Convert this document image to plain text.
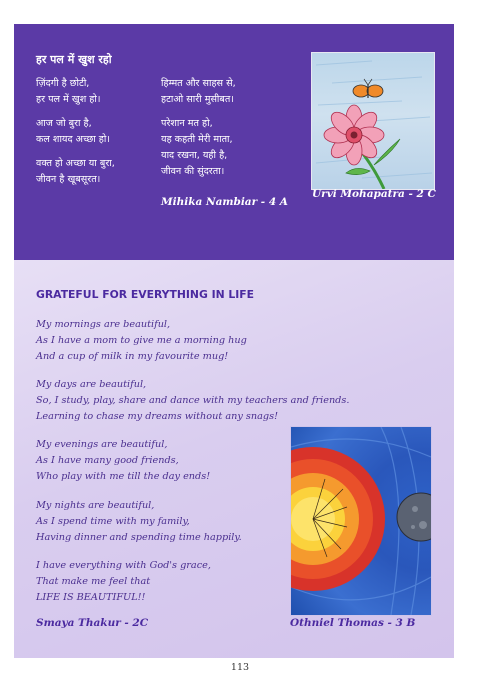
हर पल में खुश रहो

ज़िंदगी है छोटी,
हर पल में खुश हो।

आज जो बुरा है,
कल शायद अच्छा हो।

वक्त हो अच्छा या बुरा,
जीवन है खूबसूरत।

हिम्मत और साहस से,
हटाओ सारी मुसीबत।

परेशान मत हो,
यह कहती मेरी माता,
याद रखना, यही है,
जीवन की सुंदरता।

Mihika Nambiar - 4 A
Urvi Mohapatra - 2 C
GRATEFUL FOR EVERYTHING IN LIFE
My mornings are beautiful,
As I have a mom to give me a morning hug
And a cup of milk in my favourite mug!
My days are beautiful,
So, I study, play, share and dance with my teachers and friends.
Learning to chase my dreams without any snags!
My evenings are beautiful,
As I have many good friends,
Who play with me till the day ends!
My nights are beautiful,
As I spend time with my family,
Having dinner and spending time happily.
I have everything with God's grace,
That make me feel that
LIFE IS BEAUTIFUL!!
Smaya Thakur - 2C	Othniel Thomas - 3 B
113
